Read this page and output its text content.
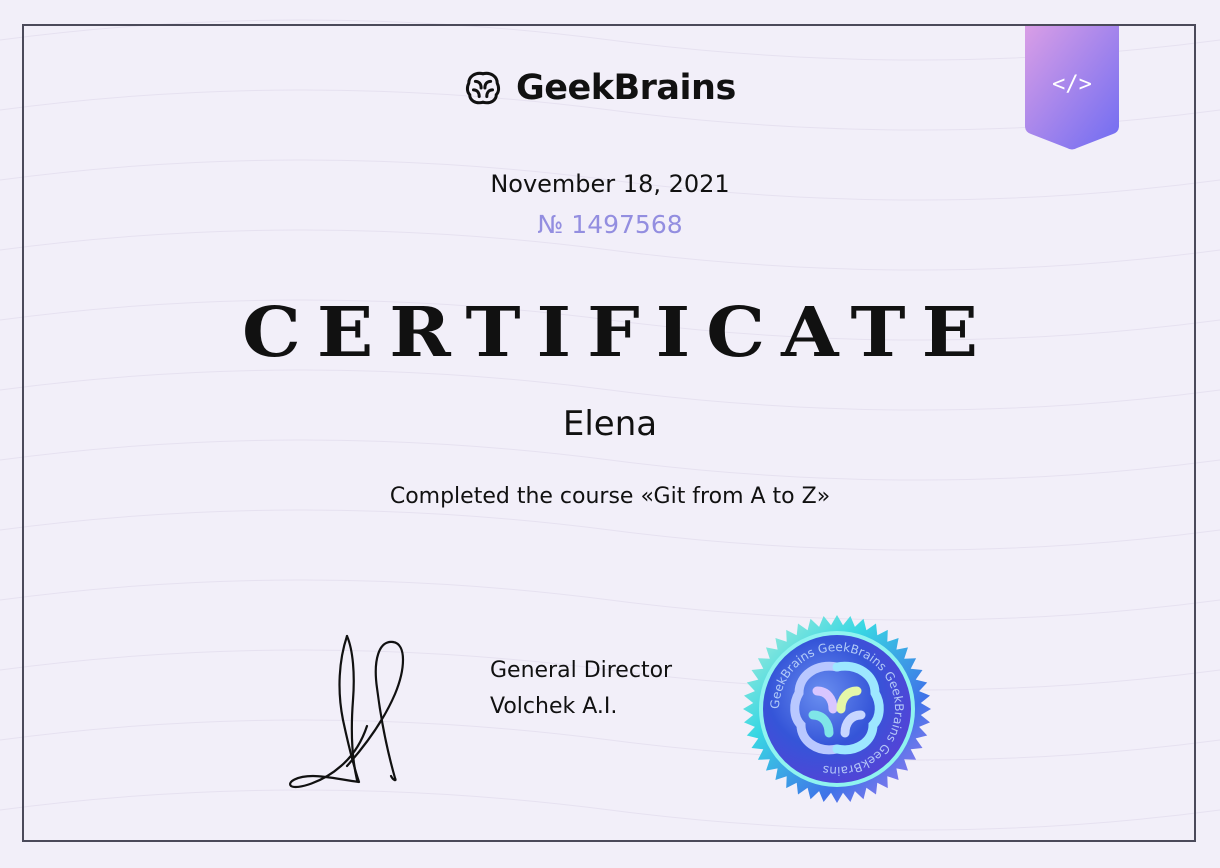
GeekBrains	</>
November 18, 2021
№ 1497568
CERTIFICATE
Elena
Completed the course «Git from A to Z»
General Director
Volchek A.I.	GeekBrains GeekBrains GeekBrains GeekBrains
